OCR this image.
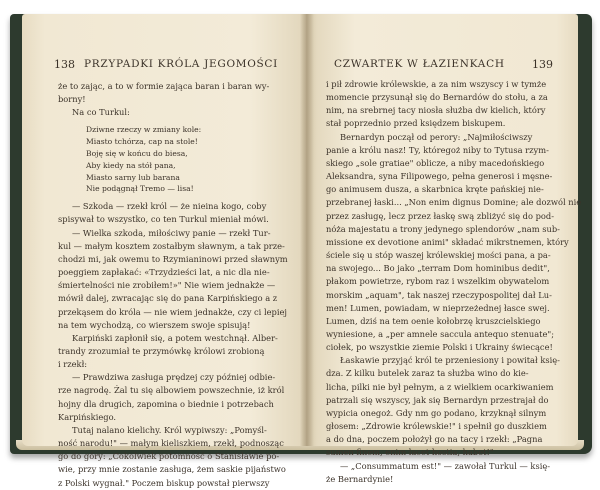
138 PRZYPADKI KRÓLA JEGOMOŚCI
że to zając, a to w formie zająca baran i baran wy-
borny!
Na co Turkul:
Dziwne rzeczy w zmiany kole:
Miasto tchórza, cap na stole!
Boję się w końcu do biesa,
Aby kiedy na stół pana,
Miasto sarny lub barana
Nie podągnął Tremo — lisa!
— Szkoda — rzekł król — że nieina kogo, coby
spisywał to wszystko, co ten Turkul mieniał mówi.
— Wielka szkoda, miłościwy panie — rzekł Tur-
kul — małym kosztem zostałbym sławnym, a tak prze-
chodzi mi, jak owemu to Rzymianinowi przed sławnym
poeggiem zapłakać: «Trzydzieści lat, a nic dla nie-
śmiertelności nie zrobiłem!»" Nie wiem jednakże —
mówił dalej, zwracając się do pana Karpińskiego a z
przekąsem do króla — nie wiem jednakże, czy ci lepiej
na tem wychodzą, co wierszem swoje spisują!
Karpiński zapłonił się, a potem westchnął. Alber-
trandy zrozumiał te przymówkę królowi zrobioną
i rzekł:
— Prawdziwa zasługa prędzej czy później odbie-
rze nagrodę. Żal tu się albowiem powszechnie, iż król
hojny dla drugich, zapomina o biednie i potrzebach
Karpińskiego.
Tutaj nalano kielichy. Król wypiwszy: „Pomyśl-
ność narodu!" — małym kieliszkiem, rzekł, podnosząc
go do góry: „Cokolwiek potomność o Stanisławie po-
wie, przy mnie zostanie zasługa, żem saskie pijaństwo
z Polski wygnał." Poczem biskup powstał pierwszy
CZWARTEK W ŁAZIENKACH 139
i pił zdrowie królewskie, a za nim wszyscy i w tymże
momencie przysunął się do Bernardów do stołu, a za
nim, na srebrnej tacy niosła służba dw kielich, który
stał poprzednio przed księdzem biskupem.
Bernardyn począł od perory: „Najmiłościwszy
panie a królu nasz! Ty, któregoż niby to Tytusa rzym-
skiego „sole gratiae" oblicze, a niby macedońskiego
Aleksandra, syna Filipowego, pełna generosi i męsne-
go animusem dusza, a skarbnica kręte pańskiej nie-
przebranej łaski... „Non enim dignus Domine; ale dozwól nie
przez zasługę, lecz przez łaskę swą zbliżyć się do pod-
nóża majestatu a trony jedynego splendorów „nam sub-
missione ex devotione animi" składać mikrstnemen, który
ściele się u stóp waszej królewskiej mości pana, a pa-
na swojego... Bo jako „terram Dom hominibus dedit",
płakom powietrze, rybom raz i wszelkim obywatelom
morskim „aquam", tak naszej rzeczypospolitej dał Lu-
men! Lumen, powiadam, w nieprzeżednej łasce swej.
Lumen, dziś na tem oenie kołobrzę kruszcielskiego
wyniesione, a „per amnele saccula antequo stenuate";
ciołek, po wszystkie ziemie Polski i Ukrainy świecące!
Łaskawie przyjąć król te przeniesiony i powitał księ-
dza. Z kilku butelek zaraz ta służba wino do kie-
licha, pilki nie był pełnym, a z wielkiem ocarkiwaniem
patrzali się wszyscy, jak się Bernardyn przestrajał do
wypicia onegoż. Gdy nm go podano, krzyknął silnym
głosem: „Zdrowie królewskie!" i spełnił go duszkiem
a do dna, poczem położył go na tacy i rzekł: „Pagna
sumen finem, enim lacet hostia, habet!"
— „Consummatum est!" — zawołał Turkul — księ-
że Bernardynie!
